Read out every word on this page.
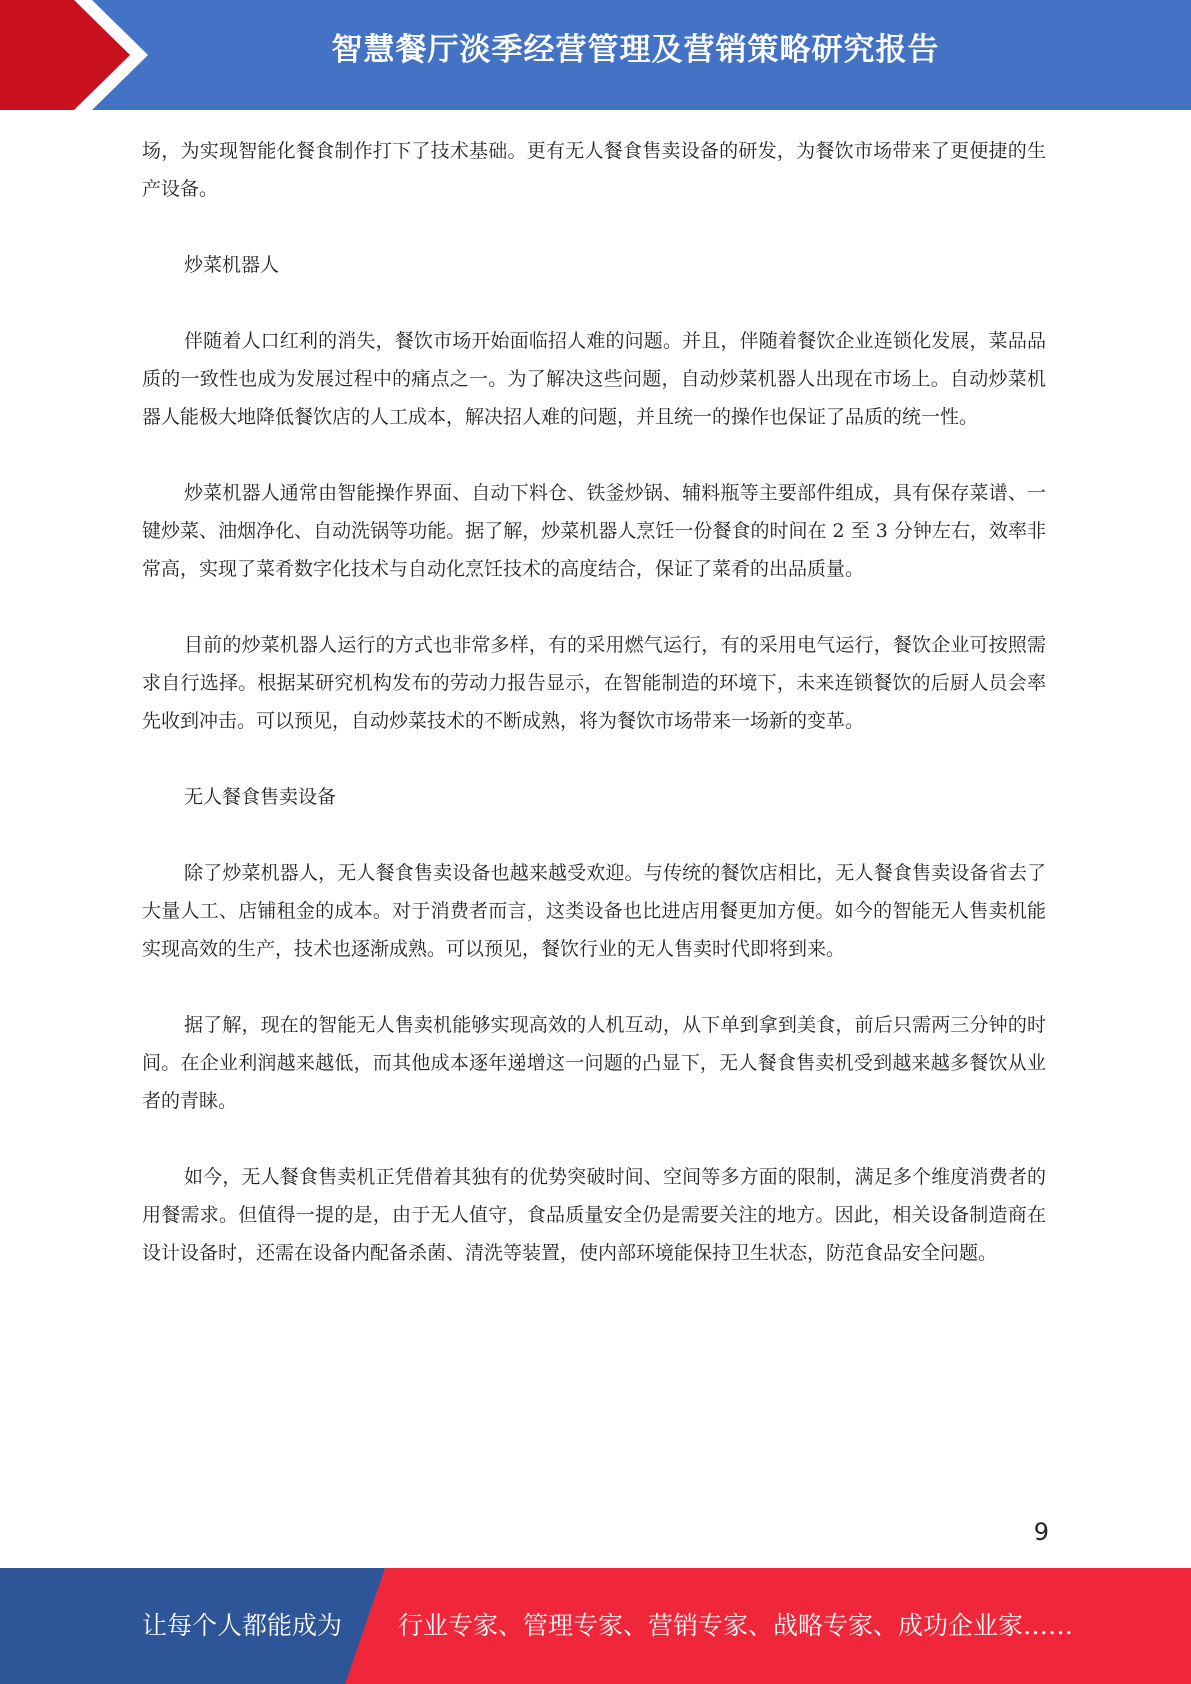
智慧餐厅淡季经营管理及营销策略研究报告

场，为实现智能化餐食制作打下了技术基础。更有无人餐食售卖设备的研发，为餐饮市场带来了更便捷的生产设备。

炒菜机器人

伴随着人口红利的消失，餐饮市场开始面临招人难的问题。并且，伴随着餐饮企业连锁化发展，菜品品质的一致性也成为发展过程中的痛点之一。为了解决这些问题，自动炒菜机器人出现在市场上。自动炒菜机器人能极大地降低餐饮店的人工成本，解决招人难的问题，并且统一的操作也保证了品质的统一性。

炒菜机器人通常由智能操作界面、自动下料仓、铁釜炒锅、辅料瓶等主要部件组成，具有保存菜谱、一键炒菜、油烟净化、自动洗锅等功能。据了解，炒菜机器人烹饪一份餐食的时间在 2 至 3 分钟左右，效率非常高，实现了菜肴数字化技术与自动化烹饪技术的高度结合，保证了菜肴的出品质量。

目前的炒菜机器人运行的方式也非常多样，有的采用燃气运行，有的采用电气运行，餐饮企业可按照需求自行选择。根据某研究机构发布的劳动力报告显示，在智能制造的环境下，未来连锁餐饮的后厨人员会率先收到冲击。可以预见，自动炒菜技术的不断成熟，将为餐饮市场带来一场新的变革。

无人餐食售卖设备

除了炒菜机器人，无人餐食售卖设备也越来越受欢迎。与传统的餐饮店相比，无人餐食售卖设备省去了大量人工、店铺租金的成本。对于消费者而言，这类设备也比进店用餐更加方便。如今的智能无人售卖机能实现高效的生产，技术也逐渐成熟。可以预见，餐饮行业的无人售卖时代即将到来。

据了解，现在的智能无人售卖机能够实现高效的人机互动，从下单到拿到美食，前后只需两三分钟的时间。在企业利润越来越低，而其他成本逐年递增这一问题的凸显下，无人餐食售卖机受到越来越多餐饮从业者的青睐。

如今，无人餐食售卖机正凭借着其独有的优势突破时间、空间等多方面的限制，满足多个维度消费者的用餐需求。但值得一提的是，由于无人值守，食品质量安全仍是需要关注的地方。因此，相关设备制造商在设计设备时，还需在设备内配备杀菌、清洗等装置，使内部环境能保持卫生状态，防范食品安全问题。

9
让每个人都能成为 行业专家、管理专家、营销专家、战略专家、成功企业家……
